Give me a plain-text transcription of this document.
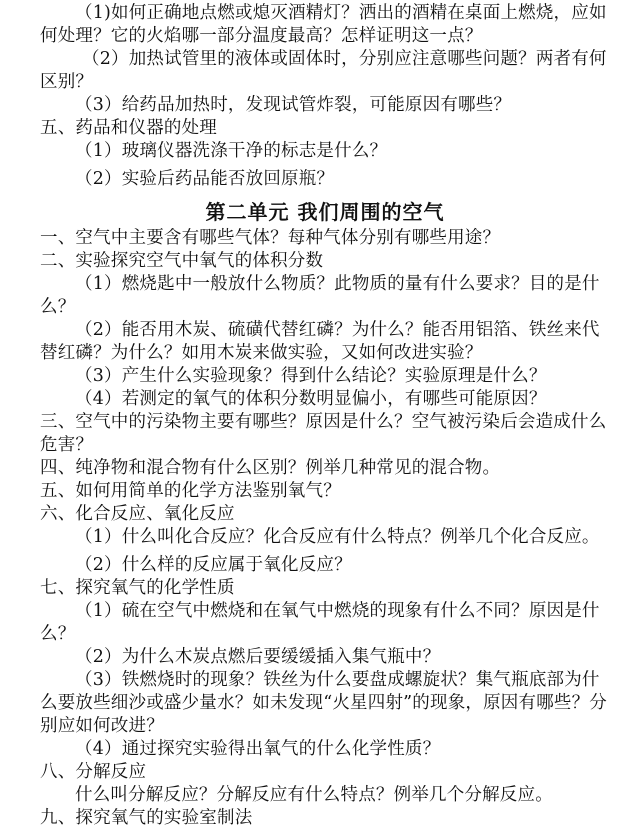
（1)如何正确地点燃或熄灭酒精灯？洒出的酒精在桌面上燃烧，应如何处理？它的火焰哪一部分温度最高？怎样证明这一点？

（2）加热试管里的液体或固体时，分别应注意哪些问题？两者有何区别？

（3）给药品加热时，发现试管炸裂，可能原因有哪些？

五、药品和仪器的处理

（1）玻璃仪器洗涤干净的标志是什么？

（2）实验后药品能否放回原瓶？

第二单元 我们周围的空气

一、空气中主要含有哪些气体？每种气体分别有哪些用途？

二、实验探究空气中氧气的体积分数

（1）燃烧匙中一般放什么物质？此物质的量有什么要求？目的是什么？

（2）能否用木炭、硫磺代替红磷？为什么？能否用铝箔、铁丝来代替红磷？为什么？如用木炭来做实验，又如何改进实验？

（3）产生什么实验现象？得到什么结论？实验原理是什么？

（4）若测定的氧气的体积分数明显偏小，有哪些可能原因？

三、空气中的污染物主要有哪些？原因是什么？空气被污染后会造成什么危害？

四、纯净物和混合物有什么区别？例举几种常见的混合物。

五、如何用简单的化学方法鉴别氧气？

六、化合反应、氧化反应

（1）什么叫化合反应？化合反应有什么特点？例举几个化合反应。

（2）什么样的反应属于氧化反应？

七、探究氧气的化学性质

（1）硫在空气中燃烧和在氧气中燃烧的现象有什么不同？原因是什么？

（2）为什么木炭点燃后要缓缓插入集气瓶中？

（3）铁燃烧时的现象？铁丝为什么要盘成螺旋状？集气瓶底部为什么要放些细沙或盛少量水？如未发现“火星四射”的现象，原因有哪些？分别应如何改进？

（4）通过探究实验得出氧气的什么化学性质？

八、分解反应

什么叫分解反应？分解反应有什么特点？例举几个分解反应。

九、探究氧气的实验室制法
